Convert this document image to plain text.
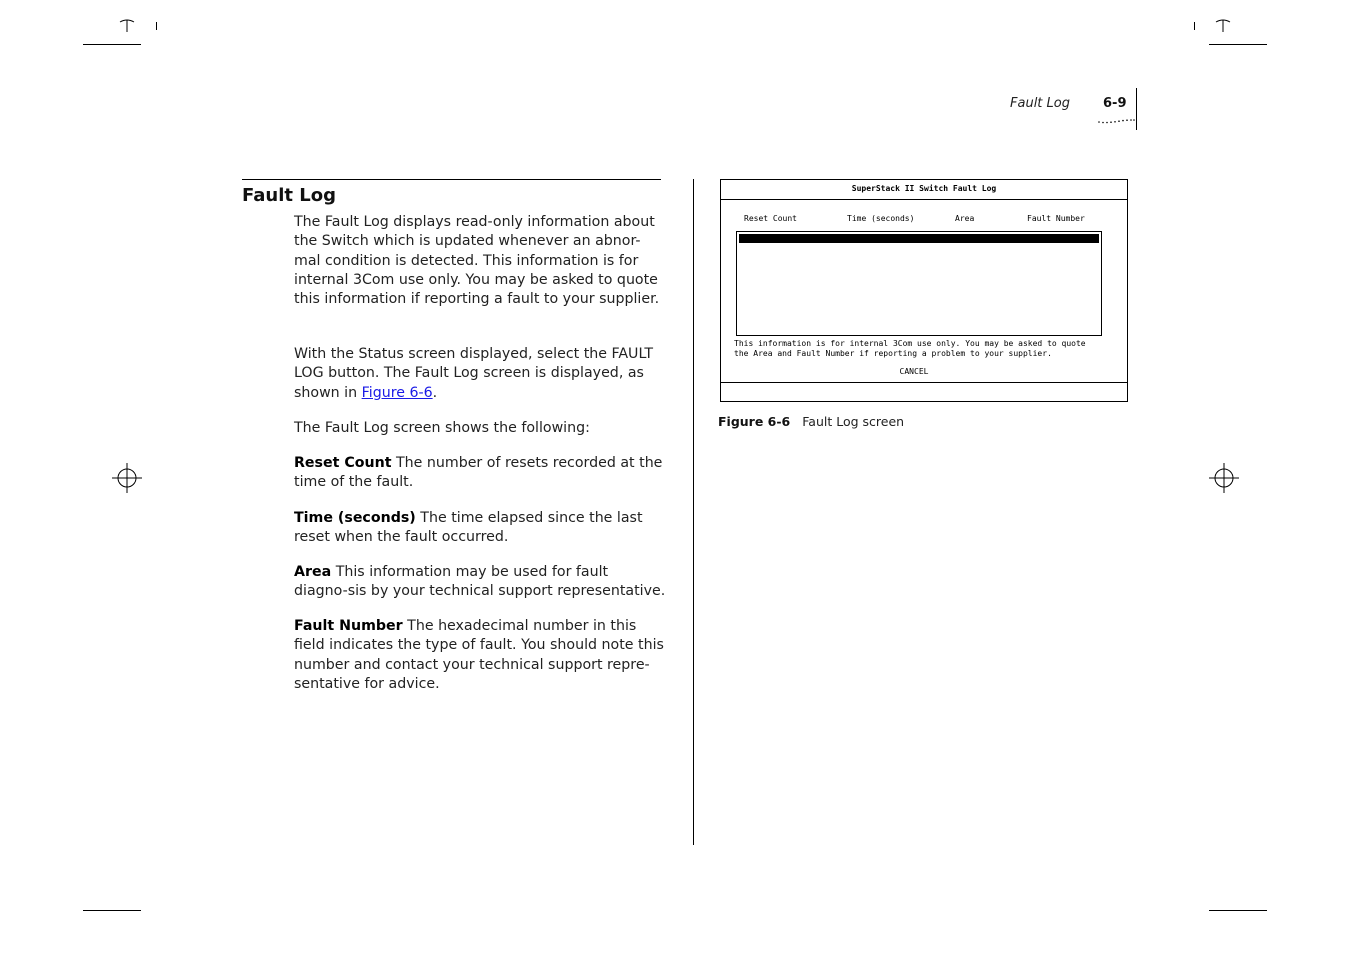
Fault Log	6-9
Fault Log

The Fault Log displays read-only information about the Switch which is updated whenever an abnor-mal condition is detected. This information is for internal 3Com use only. You may be asked to quote this information if reporting a fault to your supplier.

With the Status screen displayed, select the FAULT LOG button. The Fault Log screen is displayed, as shown in Figure 6-6.

The Fault Log screen shows the following:

Reset Count The number of resets recorded at the time of the fault.

Time (seconds) The time elapsed since the last reset when the fault occurred.

Area This information may be used for fault diagno-sis by your technical support representative.

Fault Number The hexadecimal number in this field indicates the type of fault. You should note this number and contact your technical support repre-sentative for advice.

SuperStack II Switch Fault Log
Reset Count	Time (seconds)	Area	Fault Number
This information is for internal 3Com use only. You may be asked to quote
the Area and Fault Number if reporting a problem to your supplier.
CANCEL
Figure 6-6 Fault Log screen
